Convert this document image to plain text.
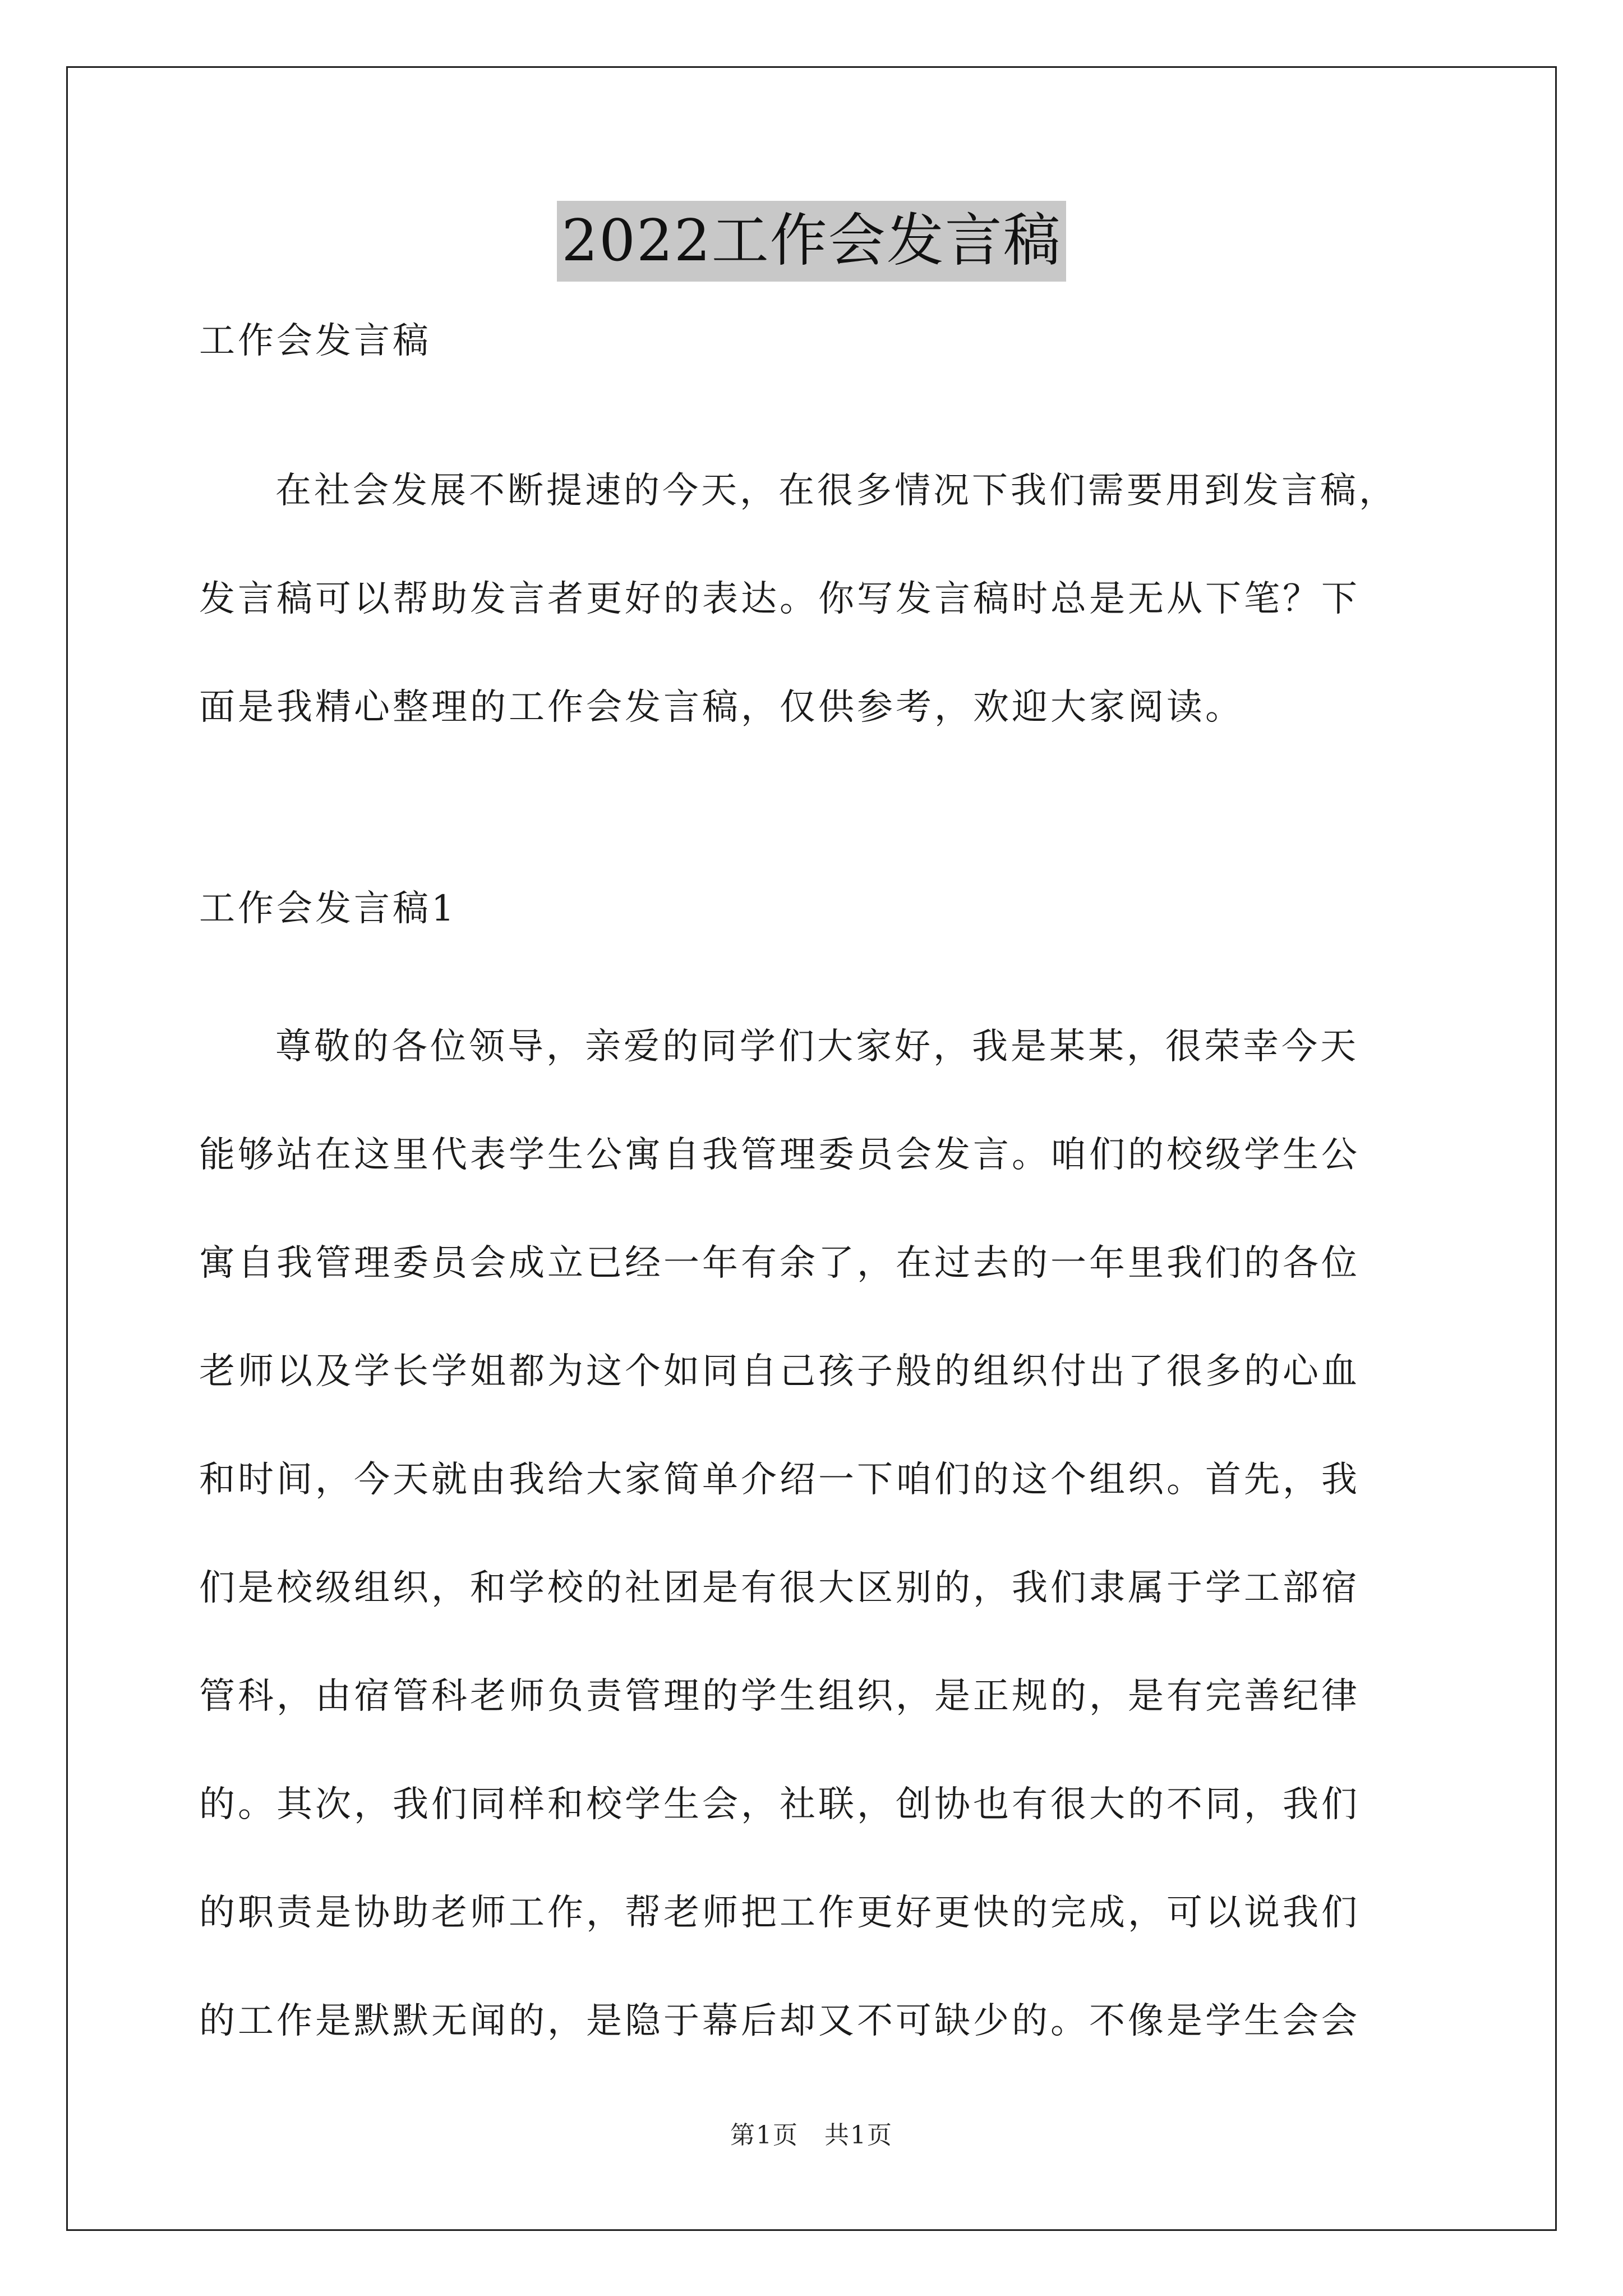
2022工作会发言稿
工作会发言稿
在社会发展不断提速的今天，在很多情况下我们需要用到发言稿，
发言稿可以帮助发言者更好的表达。你写发言稿时总是无从下笔？下
面是我精心整理的工作会发言稿，仅供参考，欢迎大家阅读。
工作会发言稿1
尊敬的各位领导，亲爱的同学们大家好，我是某某，很荣幸今天
能够站在这里代表学生公寓自我管理委员会发言。咱们的校级学生公
寓自我管理委员会成立已经一年有余了，在过去的一年里我们的各位
老师以及学长学姐都为这个如同自己孩子般的组织付出了很多的心血
和时间，今天就由我给大家简单介绍一下咱们的这个组织。首先，我
们是校级组织，和学校的社团是有很大区别的，我们隶属于学工部宿
管科，由宿管科老师负责管理的学生组织，是正规的，是有完善纪律
的。其次，我们同样和校学生会，社联，创协也有很大的不同，我们
的职责是协助老师工作，帮老师把工作更好更快的完成，可以说我们
的工作是默默无闻的，是隐于幕后却又不可缺少的。不像是学生会会
第1页　共1页
